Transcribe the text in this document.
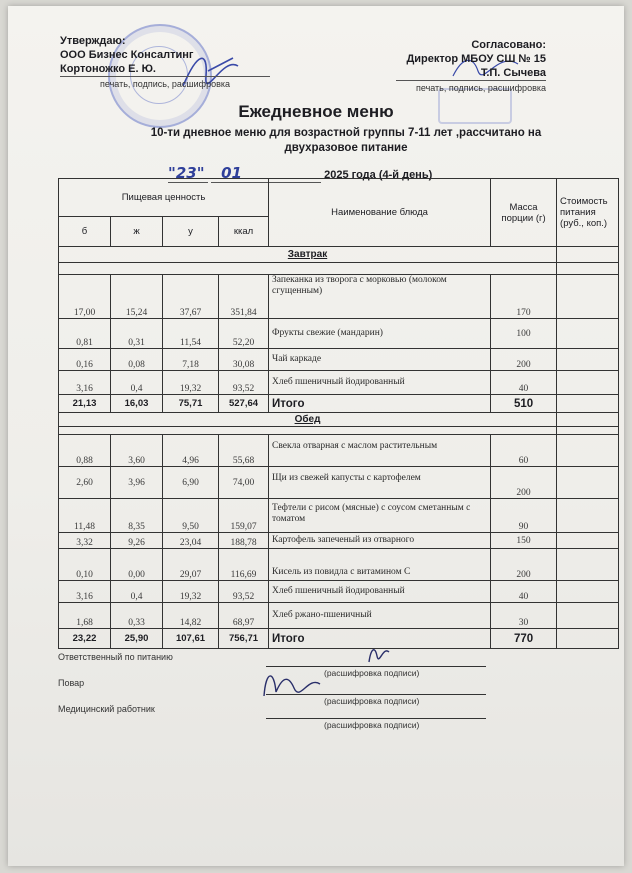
Утверждаю:
ООО Бизнес Консалтинг
Кортоножко Е. Ю.
печать, подпись, расшифровка
Согласовано:
Директор МБОУ СШ № 15
Т.П. Сычева
печать, подпись, расшифровка
Ежедневное меню
10-ти дневное меню для возрастной группы 7-11 лет ,рассчитано на
двухразовое питание
"23" 01	2025 года (4-й день)
Пищевая ценность				Наименование блюда	Масса порции (г)	Стоимость питания (руб., коп.)
б	ж	у	ккал			
Завтрак						

17,00	15,24	37,67	351,84	Запеканка из творога с морковью (молоком сгущенным)	170	
0,81	0,31	11,54	52,20	Фрукты свежие (мандарин)	100	
0,16	0,08	7,18	30,08	Чай каркаде	200	
3,16	0,4	19,32	93,52	Хлеб пшеничный йодированный	40	
21,13	16,03	75,71	527,64	Итого	510	
Обед						

0,88	3,60	4,96	55,68	Свекла отварная с маслом растительным	60	
2,60	3,96	6,90	74,00	Щи из свежей капусты с картофелем	200	
11,48	8,35	9,50	159,07	Тефтели с рисом (мясные) с соусом сметанным с томатом	90	
3,32	9,26	23,04	188,78	Картофель запеченый из отварного	150	
0,10	0,00	29,07	116,69	Кисель из повидла с витамином С	200	
3,16	0,4	19,32	93,52	Хлеб пшеничный йодированный	40	
1,68	0,33	14,82	68,97	Хлеб ржано-пшеничный	30	
23,22	25,90	107,61	756,71	Итого	770	
Ответственный по питанию
(расшифровка подписи)
Повар
(расшифровка подписи)
Медицинский работник
(расшифровка подписи)
